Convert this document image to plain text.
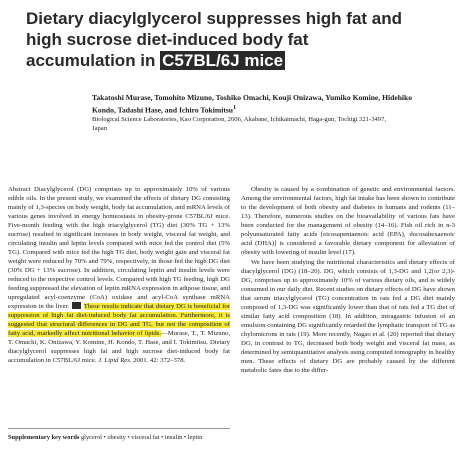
Dietary diacylglycerol suppresses high fat and
high sucrose diet-induced body fat
accumulation in C57BL/6J mice

Takatoshi Murase, Tomohito Mizuno, Toshiko Omachi, Kouji Onizawa, Yumiko Komine, Hidehiko Kondo, Tadashi Hase, and Ichiro Tokimitsu$^1$

Biological Science Laboratories, Kao Corporation, 2606, Akabane, Ichikaimachi, Haga-gun, Tochigi 321-3497, Japan

Abstract Diacylglycerol (DG) comprises up to approximately 10% of various edible oils. In the present study, we examined the effects of dietary DG consisting mainly of 1,3-species on body weight, body fat accumulation, and mRNA levels of various genes involved in energy homeostasis in obesity-prone C57BL/6J mice. Five-month feeding with the high triacylglycerol (TG) diet (30% TG + 13% sucrose) resulted in significant increases in body weight, visceral fat weight, and circulating insulin and leptin levels compared with mice fed the control diet (5% TG). Compared with mice fed the high TG diet, body weight gain and visceral fat weight were reduced by 70% and 79%, respectively, in those fed the high DG diet (30% DG + 13% sucrose). In addition, circulating leptin and insulin levels were reduced to the respective control levels. Compared with high TG feeding, high DG feeding suppressed the elevation of leptin mRNA expression in adipose tissue, and upregulated acyl-coenzyme (CoA) oxidase and acyl-CoA synthase mRNA expression in the liver. These results indicate that dietary DG is beneficial for suppression of high fat diet-induced body fat accumulation. Furthermore, it is suggested that structural differences in DG and TG, but not the composition of fatty acid, markedly affect nutritional behavior of lipids.—Murase, T., T. Mizuno, T. Omachi, K. Onizawa, Y. Komine, H. Kondo, T. Hase, and I. Tokimitsu. Dietary diacylglycerol suppresses high fat and high sucrose diet-induced body fat accumulation in C57BL/6J mice. J. Lipid Res. 2001. 42: 372–378.

Supplementary key words glycerol • obesity • visceral fat • insulin • leptin

Obesity is caused by a combination of genetic and environmental factors. Among the environmental factors, high fat intake has been shown to contribute to the development of both obesity and diabetes in humans and rodents (11–13). Therefore, numerous studies on the bioavailability of various fats have been conducted for the management of obesity (14–16). Fish oil rich in n-3 polyunsaturated fatty acids [eicosapentaenoic acid (EPA), docosahexaenoic acid (DHA)] is considered a favorable dietary component for alleviation of obesity with lowering of insulin level (17).

We have been studying the nutritional characteristics and dietary effects of diacylglycerol (DG) (18–20). DG, which consists of 1,3-DG and 1,2(or 2,3)-DG, comprises up to approximately 10% of various dietary oils, and is widely consumed in our daily diet. Recent studies on dietary effects of DG have shown that serum triacylglycerol (TG) concentration in rats fed a DG diet mainly composed of 1,3-DG was significantly lower than that of rats fed a TG diet of similar fatty acid composition (18). In addition, intragastric infusion of an emulsion containing DG significantly retarded the lymphatic transport of TG as chylomicrons in rats (19). More recently, Nagao et al. (20) reported that dietary DG, in contrast to TG, decreased both body weight and visceral fat mass, as determined by semiquantitative analysis using computed tomography in healthy men. These effects of dietary DG are probably caused by the different metabolic fates due to the differ-
